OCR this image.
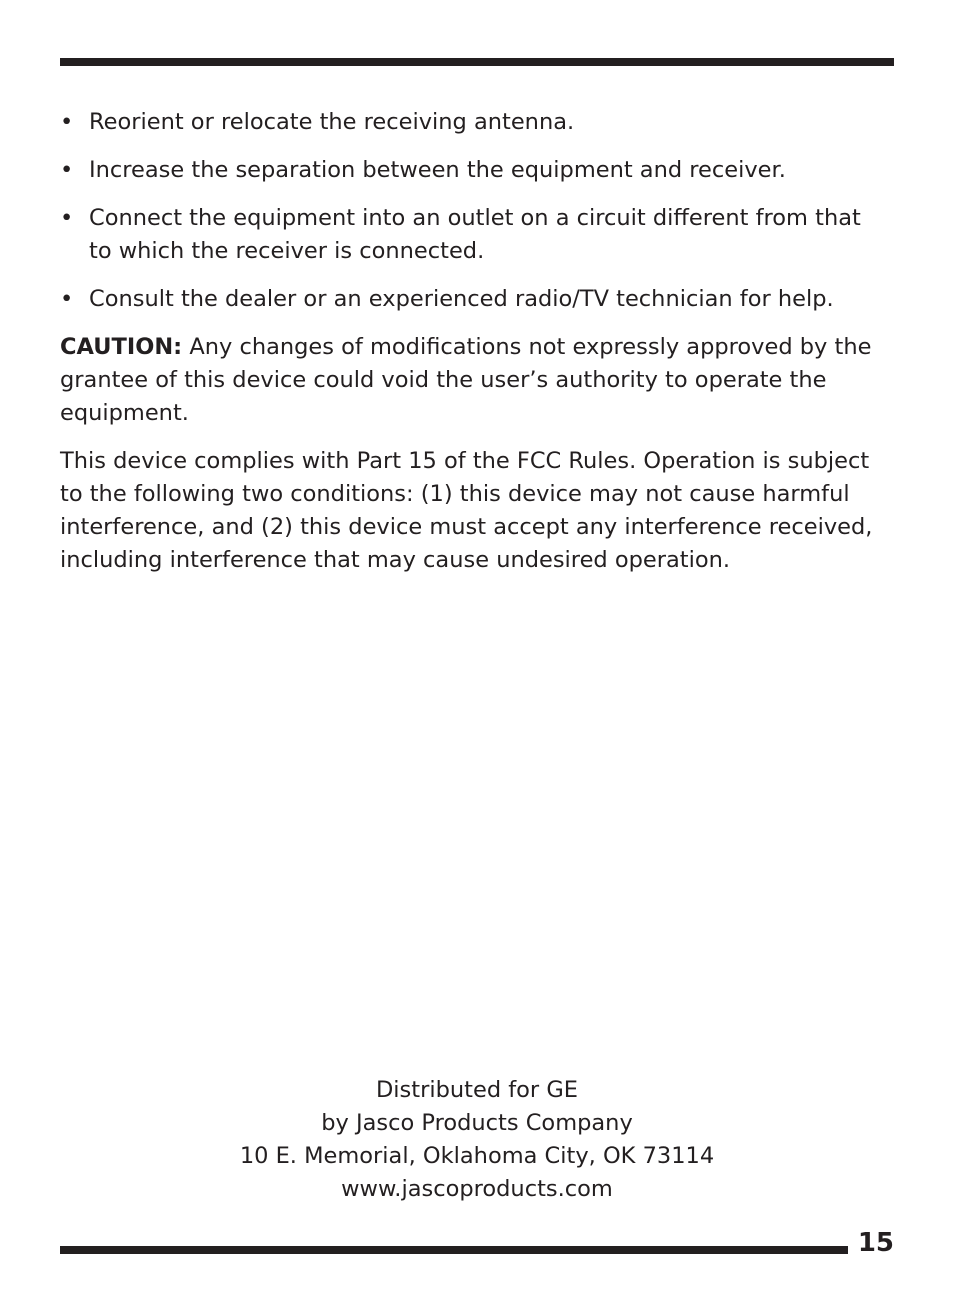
• Reorient or relocate the receiving antenna.
• Increase the separation between the equipment and receiver.
• Connect the equipment into an outlet on a circuit different from that to which the receiver is connected.
• Consult the dealer or an experienced radio/TV technician for help.

CAUTION: Any changes of modifications not expressly approved by the grantee of this device could void the user’s authority to operate the equipment.

This device complies with Part 15 of the FCC Rules. Operation is subject to the following two conditions: (1) this device may not cause harmful interference, and (2) this device must accept any interference received, including interference that may cause undesired operation.

Distributed for GE
by Jasco Products Company
10 E. Memorial, Oklahoma City, OK 73114
www.jascoproducts.com
15
